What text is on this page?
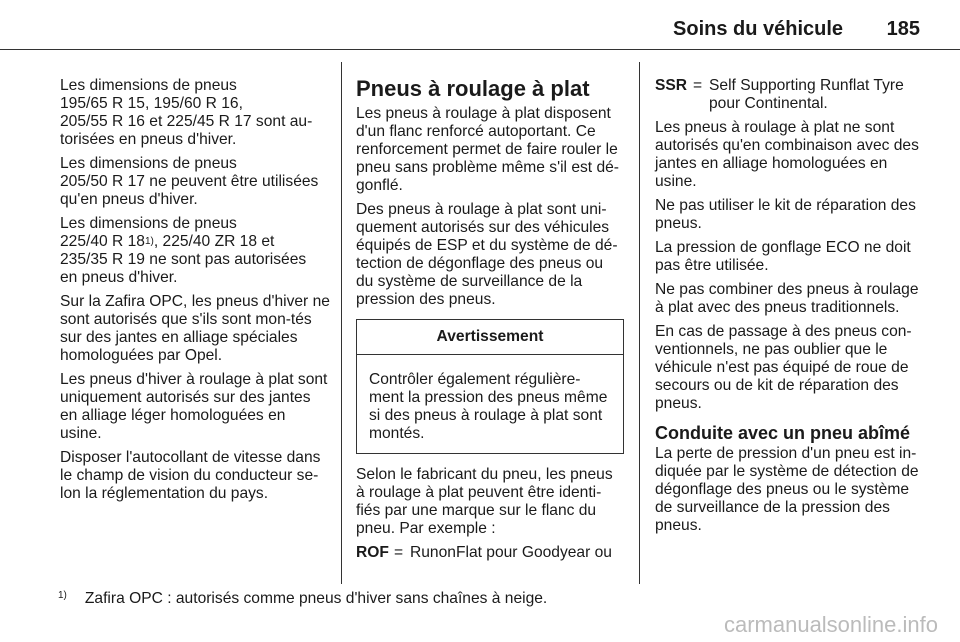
Soins du véhicule 185

Les dimensions de pneus
195/65 R 15, 195/60 R 16,
205/55 R 16 et 225/45 R 17 sont au-
torisées en pneus d'hiver.

Les dimensions de pneus
205/50 R 17 ne peuvent être utilisées
qu'en pneus d'hiver.

Les dimensions de pneus
225/40 R 18$^{1)}$, 225/40 ZR 18 et
235/35 R 19 ne sont pas autorisées
en pneus d'hiver.

Sur la Zafira OPC, les pneus d'hiver ne sont autorisés que s'ils sont mon-tés sur des jantes en alliage spéciales homologuées par Opel.

Les pneus d'hiver à roulage à plat sont uniquement autorisés sur des jantes en alliage léger homologuées en usine.

Disposer l'autocollant de vitesse dans le champ de vision du conducteur se-lon la réglementation du pays.

Pneus à roulage à plat

Les pneus à roulage à plat disposent d'un flanc renforcé autoportant. Ce renforcement permet de faire rouler le pneu sans problème même s'il est dé-gonflé.

Des pneus à roulage à plat sont uni-quement autorisés sur des véhicules équipés de ESP et du système de dé-tection de dégonflage des pneus ou du système de surveillance de la pression des pneus.

Avertissement
Contrôler également régulière-ment la pression des pneus même si des pneus à roulage à plat sont montés.

Selon le fabricant du pneu, les pneus à roulage à plat peuvent être identi-fiés par une marque sur le flanc du pneu. Par exemple :

ROF = RunonFlat pour Goodyear ou
SSR = Self Supporting Runflat Tyre pour Continental.

Les pneus à roulage à plat ne sont autorisés qu'en combinaison avec des jantes en alliage homologuées en usine.

Ne pas utiliser le kit de réparation des pneus.

La pression de gonflage ECO ne doit pas être utilisée.

Ne pas combiner des pneus à roulage à plat avec des pneus traditionnels.

En cas de passage à des pneus con-ventionnels, ne pas oublier que le véhicule n'est pas équipé de roue de secours ou de kit de réparation des pneus.

Conduite avec un pneu abîmé

La perte de pression d'un pneu est in-diquée par le système de détection de dégonflage des pneus ou le système de surveillance de la pression des pneus.

$^{1)}$ Zafira OPC : autorisés comme pneus d'hiver sans chaînes à neige.
carmanualsonline.info
